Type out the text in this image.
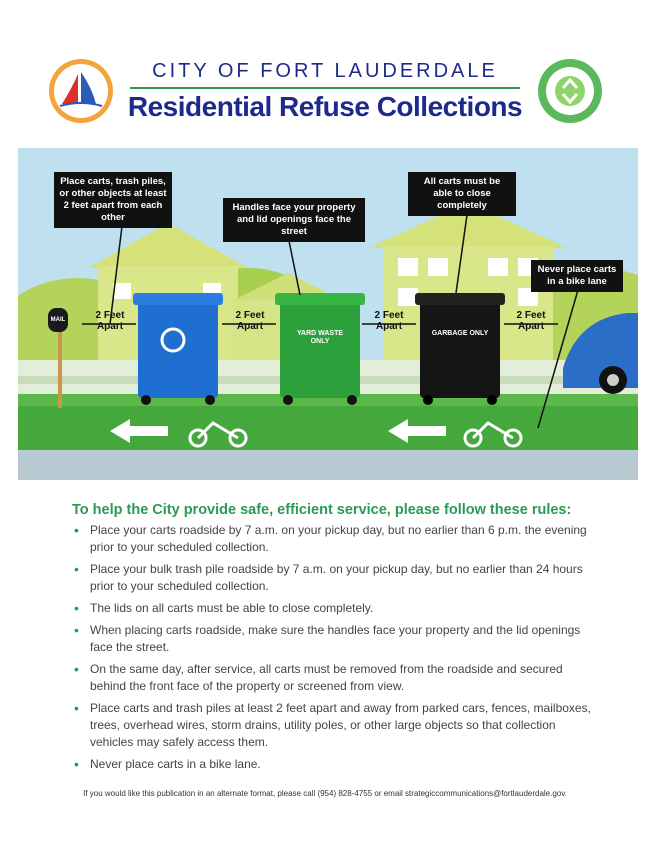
CITY OF FORT LAUDERDALE
Residential Refuse Collections
Place carts, trash piles, or other objects at least 2 feet apart from each other
Handles face your property and lid openings face the street
All carts must be able to close completely
Never place carts in a bike lane
MAIL	2 Feet
Apart
2 Feet
Apart
2 Feet
Apart
2 Feet
Apart
YARD WASTE ONLY
GARBAGE ONLY
To help the City provide safe, efficient service, please follow these rules:
• Place your carts roadside by 7 a.m. on your pickup day, but no earlier than 6 p.m. the evening prior to your scheduled collection.
• Place your bulk trash pile roadside by 7 a.m. on your pickup day, but no earlier than 24 hours prior to your scheduled collection.
• The lids on all carts must be able to close completely.
• When placing carts roadside, make sure the handles face your property and the lid openings face the street.
• On the same day, after service, all carts must be removed from the roadside and secured behind the front face of the property or screened from view.
• Place carts and trash piles at least 2 feet apart and away from parked cars, fences, mailboxes, trees, overhead wires, storm drains, utility poles, or other large objects so that collection vehicles may safely access them.
• Never place carts in a bike lane.
If you would like this publication in an alternate format, please call (954) 828-4755 or email strategiccommunications@fortlauderdale.gov.
